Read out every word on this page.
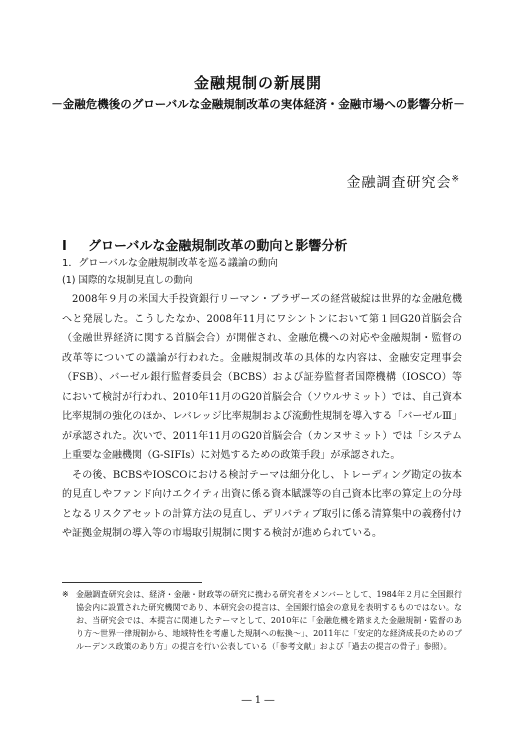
金融規制の新展開
－金融危機後のグローバルな金融規制改革の実体経済・金融市場への影響分析－
金融調査研究会※
Ⅰ グローバルな金融規制改革の動向と影響分析
1．グローバルな金融規制改革を巡る議論の動向
(1) 国際的な規制見直しの動向

2008年９月の米国大手投資銀行リーマン・ブラザーズの経営破綻は世界的な金融危機へと発展した。こうしたなか、2008年11月にワシントンにおいて第１回G20首脳会合（金融世界経済に関する首脳会合）が開催され、金融危機への対応や金融規制・監督の改革等についての議論が行われた。金融規制改革の具体的な内容は、金融安定理事会（FSB）、バーゼル銀行監督委員会（BCBS）および証券監督者国際機構（IOSCO）等において検討が行われ、2010年11月のG20首脳会合（ソウルサミット）では、自己資本比率規制の強化のほか、レバレッジ比率規制および流動性規制を導入する「バーゼルⅢ」が承認された。次いで、2011年11月のG20首脳会合（カンヌサミット）では「システム上重要な金融機関（G-SIFIs）に対処するための政策手段」が承認された。

その後、BCBSやIOSCOにおける検討テーマは細分化し、トレーディング勘定の抜本的見直しやファンド向けエクイティ出資に係る資本賦課等の自己資本比率の算定上の分母となるリスクアセットの計算方法の見直し、デリバティブ取引に係る清算集中の義務付けや証拠金規制の導入等の市場取引規制に関する検討が進められている。

※ 金融調査研究会は、経済・金融・財政等の研究に携わる研究者をメンバーとして、1984年２月に全国銀行協会内に設置された研究機関であり、本研究会の提言は、全国銀行協会の意見を表明するものではない。なお、当研究会では、本提言に関連したテーマとして、2010年に「金融危機を踏まえた金融規制・監督のあり方～世界一律規制から、地域特性を考慮した規制への転換～」、2011年に「安定的な経済成長のためのプルーデンス政策のあり方」の提言を行い公表している（「参考文献」および「過去の提言の骨子」参照）。
― 1 ―
